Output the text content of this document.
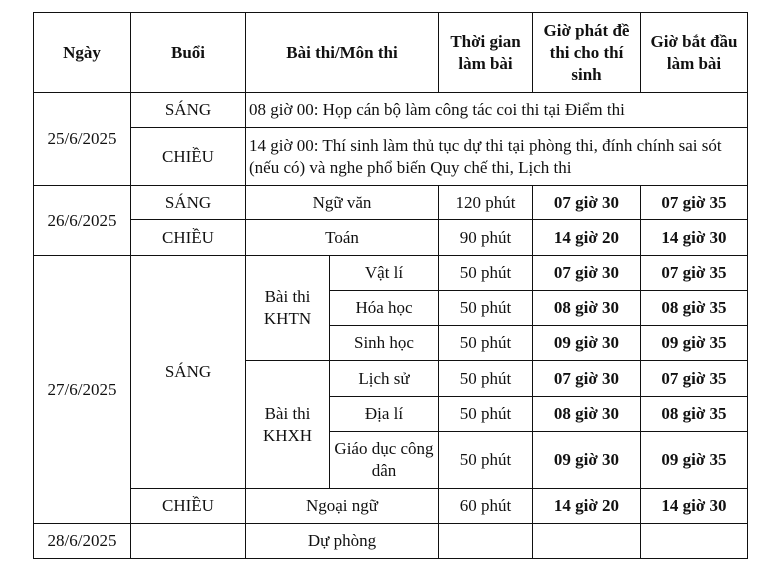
Ngày	Buổi	Bài thi/Môn thi		Thời gian làm bài	Giờ phát đề thi cho thí sinh	Giờ bắt đầu làm bài
25/6/2025	SÁNG	08 giờ 00: Họp cán bộ làm công tác coi thi tại Điểm thi				
	CHIỀU	14 giờ 00: Thí sinh làm thủ tục dự thi tại phòng thi, đính chính sai sót (nếu có) và nghe phổ biến Quy chế thi, Lịch thi				
26/6/2025	SÁNG	Ngữ văn		120 phút	07 giờ 30	07 giờ 35
	CHIỀU	Toán		90 phút	14 giờ 20	14 giờ 30
27/6/2025	SÁNG	Bài thi KHTN	Vật lí	50 phút	07 giờ 30	07 giờ 35
			Hóa học	50 phút	08 giờ 30	08 giờ 35
			Sinh học	50 phút	09 giờ 30	09 giờ 35
		Bài thi KHXH	Lịch sử	50 phút	07 giờ 30	07 giờ 35
			Địa lí	50 phút	08 giờ 30	08 giờ 35
			Giáo dục công dân	50 phút	09 giờ 30	09 giờ 35
	CHIỀU	Ngoại ngữ		60 phút	14 giờ 20	14 giờ 30
28/6/2025		Dự phòng				
